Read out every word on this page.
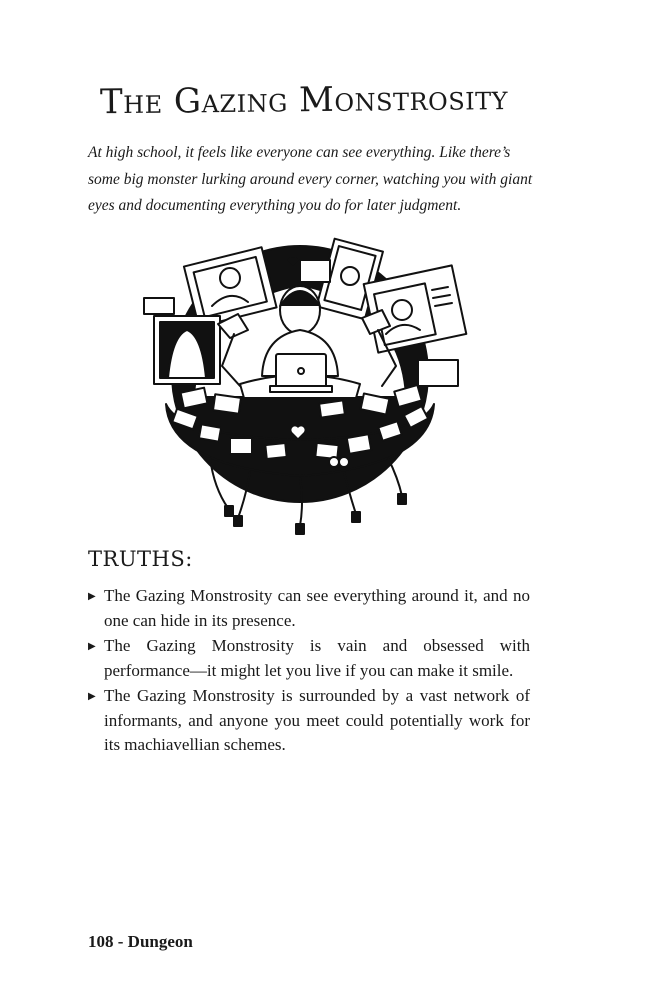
The Gazing Monstrosity

At high school, it feels like everyone can see everything. Like there’s some big monster lurking around every corner, watching you with giant eyes and documenting everything you do for later judgment.

TRUTHS:
▶ The Gazing Monstrosity can see everything around it, and no one can hide in its presence.
▶ The Gazing Monstrosity is vain and obsessed with performance—it might let you live if you can make it smile.
▶ The Gazing Monstrosity is surrounded by a vast network of informants, and anyone you meet could potentially work for its machiavellian schemes.

108 - Dungeon
